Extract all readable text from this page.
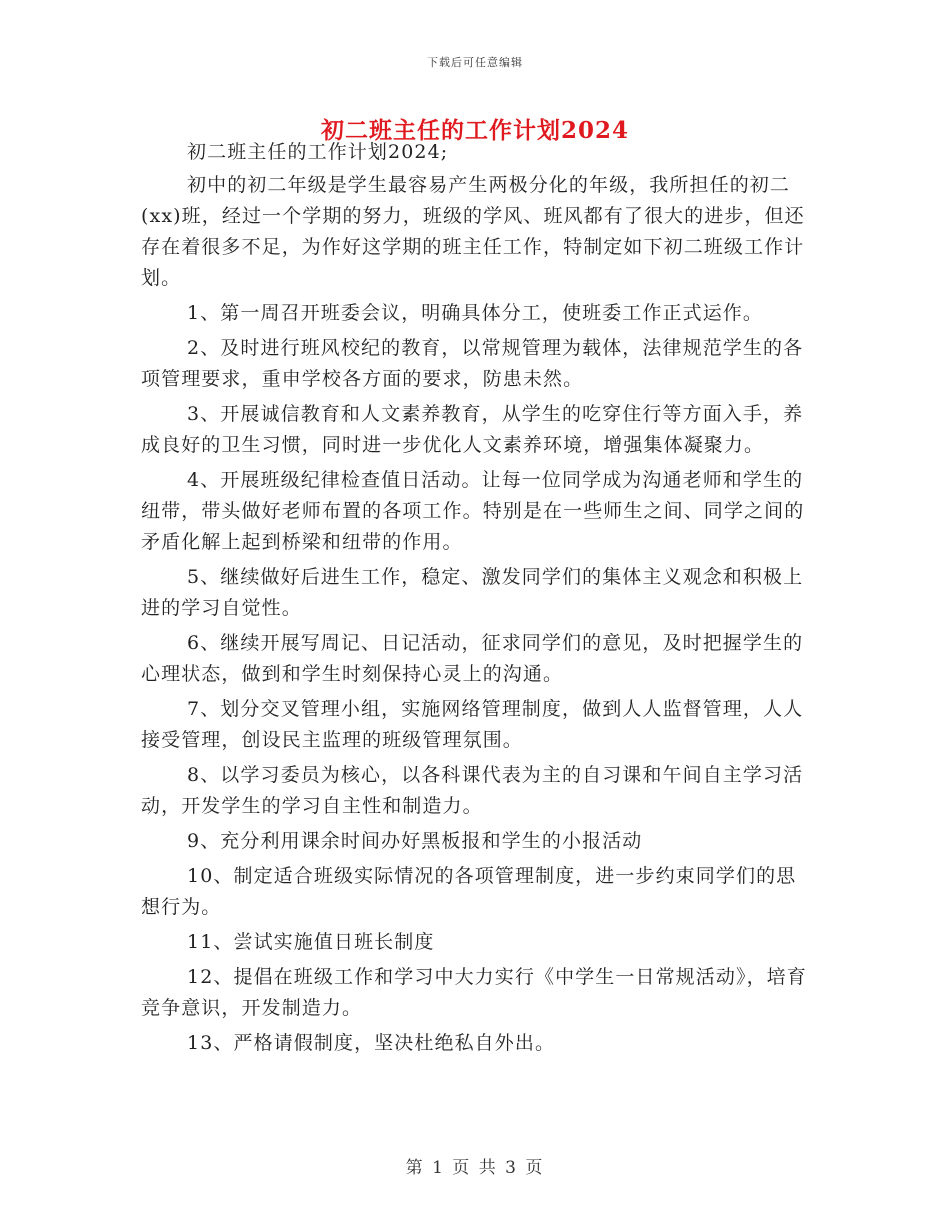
下载后可任意编辑
初二班主任的工作计划2024

初二班主任的工作计划2024;

初中的初二年级是学生最容易产生两极分化的年级，我所担任的初二(xx)班，经过一个学期的努力，班级的学风、班风都有了很大的进步，但还存在着很多不足，为作好这学期的班主任工作，特制定如下初二班级工作计划。

1、第一周召开班委会议，明确具体分工，使班委工作正式运作。

2、及时进行班风校纪的教育，以常规管理为载体，法律规范学生的各项管理要求，重申学校各方面的要求，防患未然。

3、开展诚信教育和人文素养教育，从学生的吃穿住行等方面入手，养成良好的卫生习惯，同时进一步优化人文素养环境，增强集体凝聚力。

4、开展班级纪律检查值日活动。让每一位同学成为沟通老师和学生的纽带，带头做好老师布置的各项工作。特别是在一些师生之间、同学之间的矛盾化解上起到桥梁和纽带的作用。

5、继续做好后进生工作，稳定、激发同学们的集体主义观念和积极上进的学习自觉性。

6、继续开展写周记、日记活动，征求同学们的意见，及时把握学生的心理状态，做到和学生时刻保持心灵上的沟通。

7、划分交叉管理小组，实施网络管理制度，做到人人监督管理，人人接受管理，创设民主监理的班级管理氛围。

8、以学习委员为核心，以各科课代表为主的自习课和午间自主学习活动，开发学生的学习自主性和制造力。

9、充分利用课余时间办好黑板报和学生的小报活动

10、制定适合班级实际情况的各项管理制度，进一步约束同学们的思想行为。

11、尝试实施值日班长制度

12、提倡在班级工作和学习中大力实行《中学生一日常规活动》，培育竞争意识，开发制造力。

13、严格请假制度，坚决杜绝私自外出。

第 1 页 共 3 页
